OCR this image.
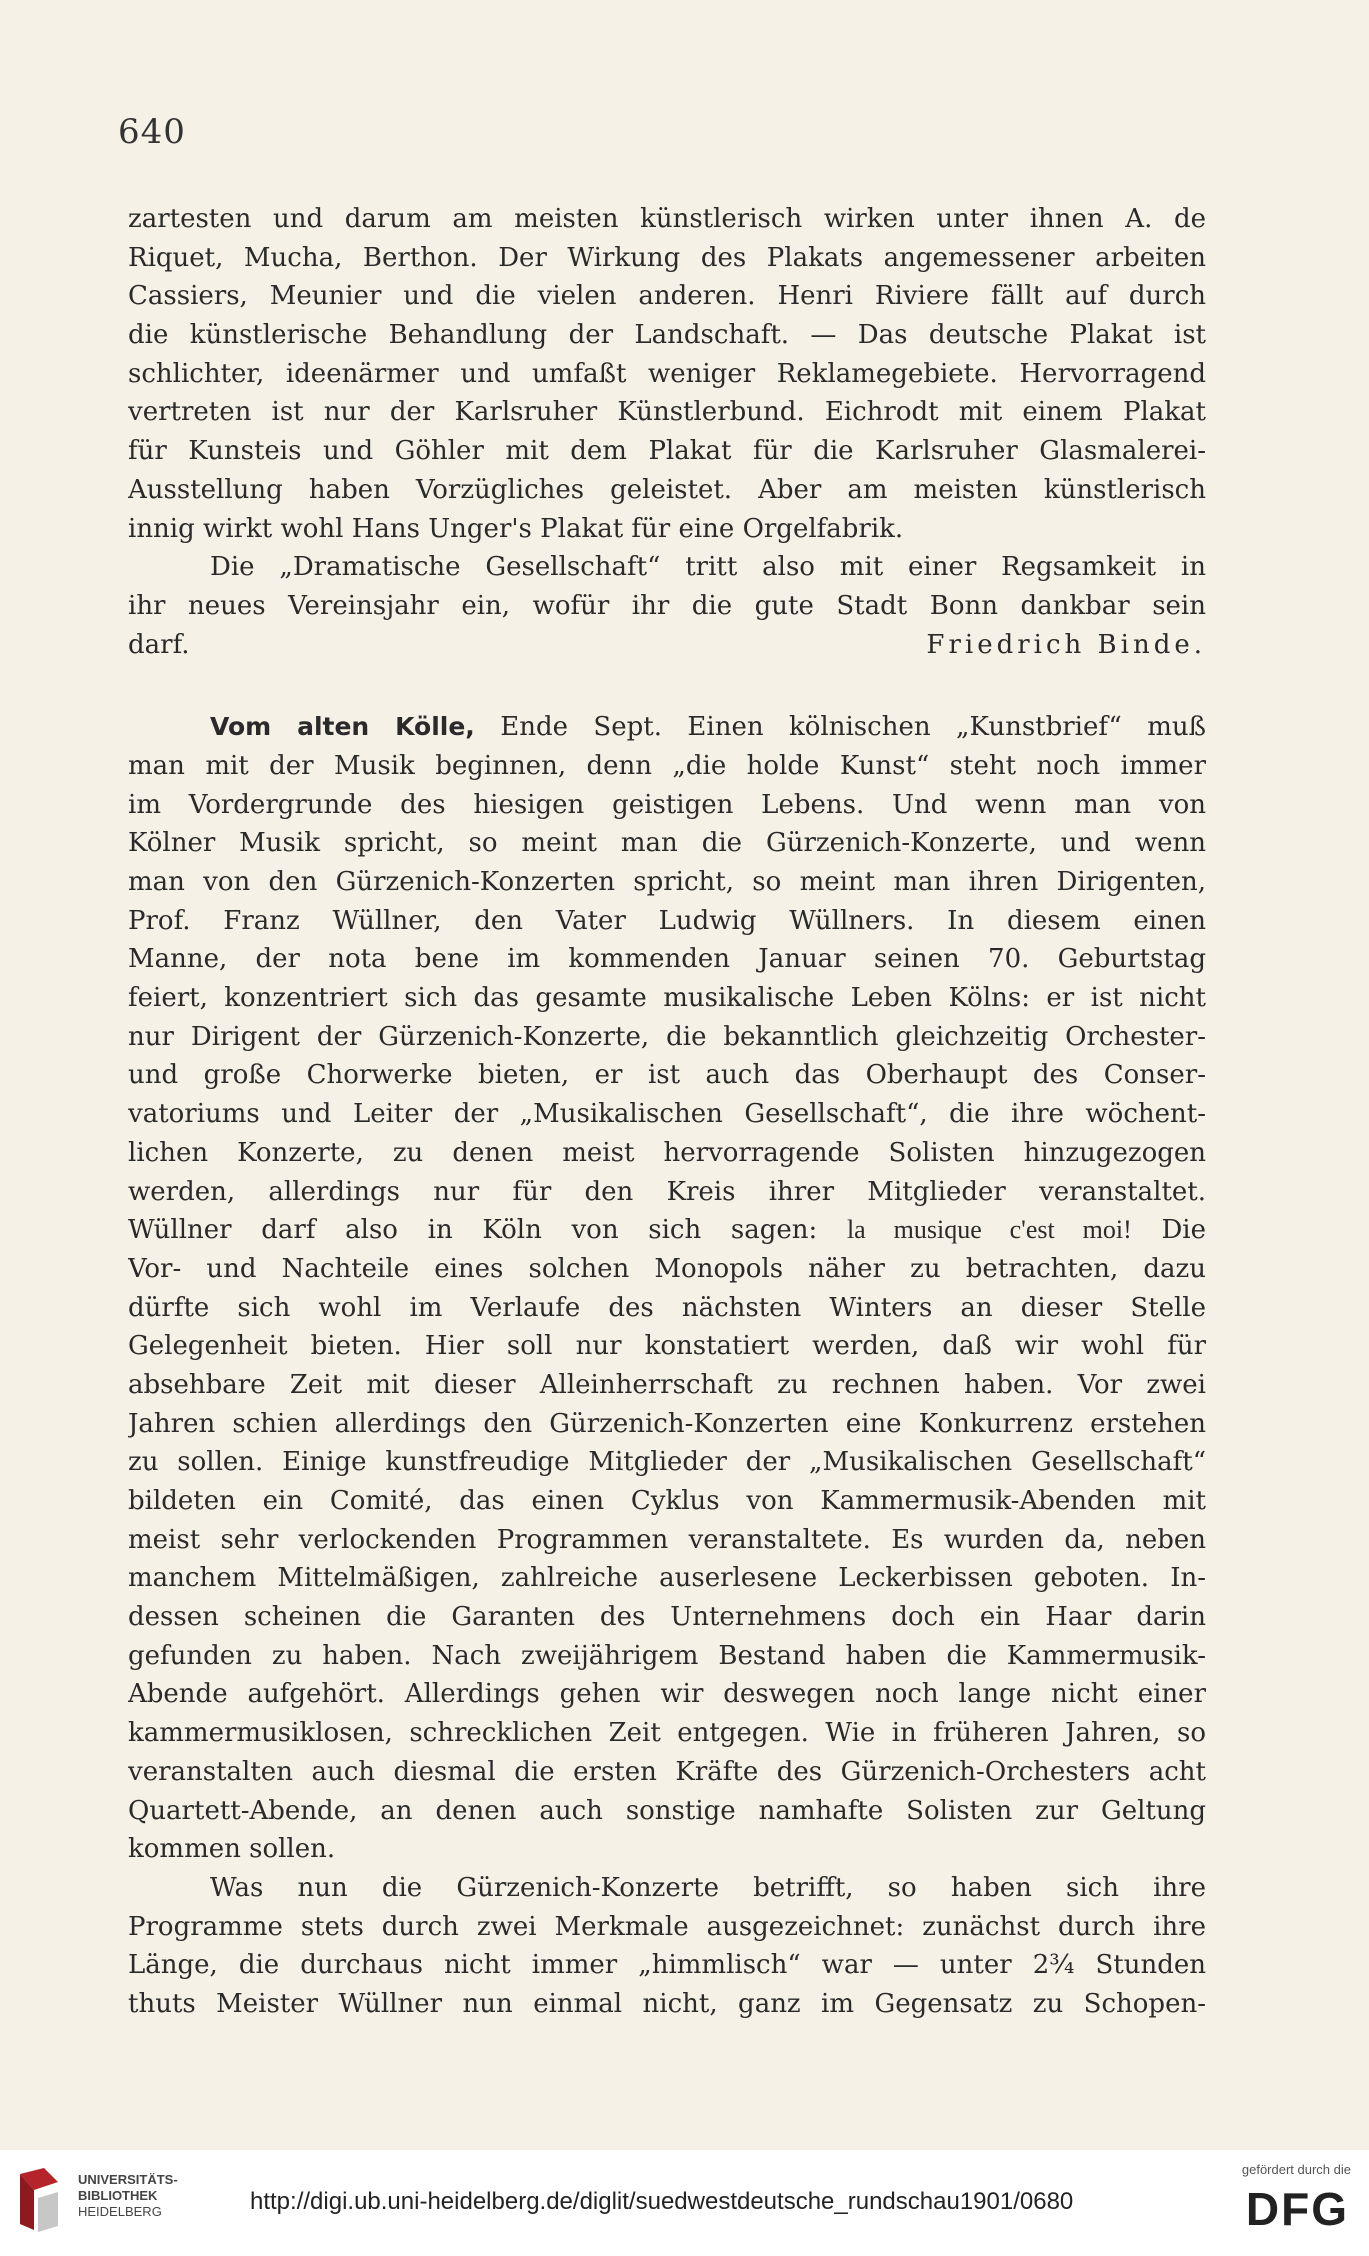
640
zartesten und darum am meisten künstlerisch wirken unter ihnen A. de
Riquet, Mucha, Berthon. Der Wirkung des Plakats angemessener arbeiten
Cassiers, Meunier und die vielen anderen. Henri Riviere fällt auf durch
die künstlerische Behandlung der Landschaft. — Das deutsche Plakat ist
schlichter, ideenärmer und umfaßt weniger Reklamegebiete. Hervorragend
vertreten ist nur der Karlsruher Künstlerbund. Eichrodt mit einem Plakat
für Kunsteis und Göhler mit dem Plakat für die Karlsruher Glasmalerei-
Ausstellung haben Vorzügliches geleistet. Aber am meisten künstlerisch
innig wirkt wohl Hans Unger's Plakat für eine Orgelfabrik.
Die „Dramatische Gesellschaft“ tritt also mit einer Regsamkeit in
ihr neues Vereinsjahr ein, wofür ihr die gute Stadt Bonn dankbar sein
darf.	Friedrich Binde.
Vom alten Kölle, Ende Sept. Einen kölnischen „Kunstbrief“ muß
man mit der Musik beginnen, denn „die holde Kunst“ steht noch immer
im Vordergrunde des hiesigen geistigen Lebens. Und wenn man von
Kölner Musik spricht, so meint man die Gürzenich-Konzerte, und wenn
man von den Gürzenich-Konzerten spricht, so meint man ihren Dirigenten,
Prof. Franz Wüllner, den Vater Ludwig Wüllners. In diesem einen
Manne, der nota bene im kommenden Januar seinen 70. Geburtstag
feiert, konzentriert sich das gesamte musikalische Leben Kölns: er ist nicht
nur Dirigent der Gürzenich-Konzerte, die bekanntlich gleichzeitig Orchester-
und große Chorwerke bieten, er ist auch das Oberhaupt des Conser-
vatoriums und Leiter der „Musikalischen Gesellschaft“, die ihre wöchent-
lichen Konzerte, zu denen meist hervorragende Solisten hinzugezogen
werden, allerdings nur für den Kreis ihrer Mitglieder veranstaltet.
Wüllner darf also in Köln von sich sagen: la musique c'est moi! Die
Vor- und Nachteile eines solchen Monopols näher zu betrachten, dazu
dürfte sich wohl im Verlaufe des nächsten Winters an dieser Stelle
Gelegenheit bieten. Hier soll nur konstatiert werden, daß wir wohl für
absehbare Zeit mit dieser Alleinherrschaft zu rechnen haben. Vor zwei
Jahren schien allerdings den Gürzenich-Konzerten eine Konkurrenz erstehen
zu sollen. Einige kunstfreudige Mitglieder der „Musikalischen Gesellschaft“
bildeten ein Comité, das einen Cyklus von Kammermusik-Abenden mit
meist sehr verlockenden Programmen veranstaltete. Es wurden da, neben
manchem Mittelmäßigen, zahlreiche auserlesene Leckerbissen geboten. In-
dessen scheinen die Garanten des Unternehmens doch ein Haar darin
gefunden zu haben. Nach zweijährigem Bestand haben die Kammermusik-
Abende aufgehört. Allerdings gehen wir deswegen noch lange nicht einer
kammermusiklosen, schrecklichen Zeit entgegen. Wie in früheren Jahren, so
veranstalten auch diesmal die ersten Kräfte des Gürzenich-Orchesters acht
Quartett-Abende, an denen auch sonstige namhafte Solisten zur Geltung
kommen sollen.
Was nun die Gürzenich-Konzerte betrifft, so haben sich ihre
Programme stets durch zwei Merkmale ausgezeichnet: zunächst durch ihre
Länge, die durchaus nicht immer „himmlisch“ war — unter 2¾ Stunden
thuts Meister Wüllner nun einmal nicht, ganz im Gegensatz zu Schopen-
UNIVERSITÄTS-
BIBLIOTHEK
HEIDELBERG	http://digi.ub.uni-heidelberg.de/diglit/suedwestdeutsche_rundschau1901/0680
gefördert durch die
DFG
